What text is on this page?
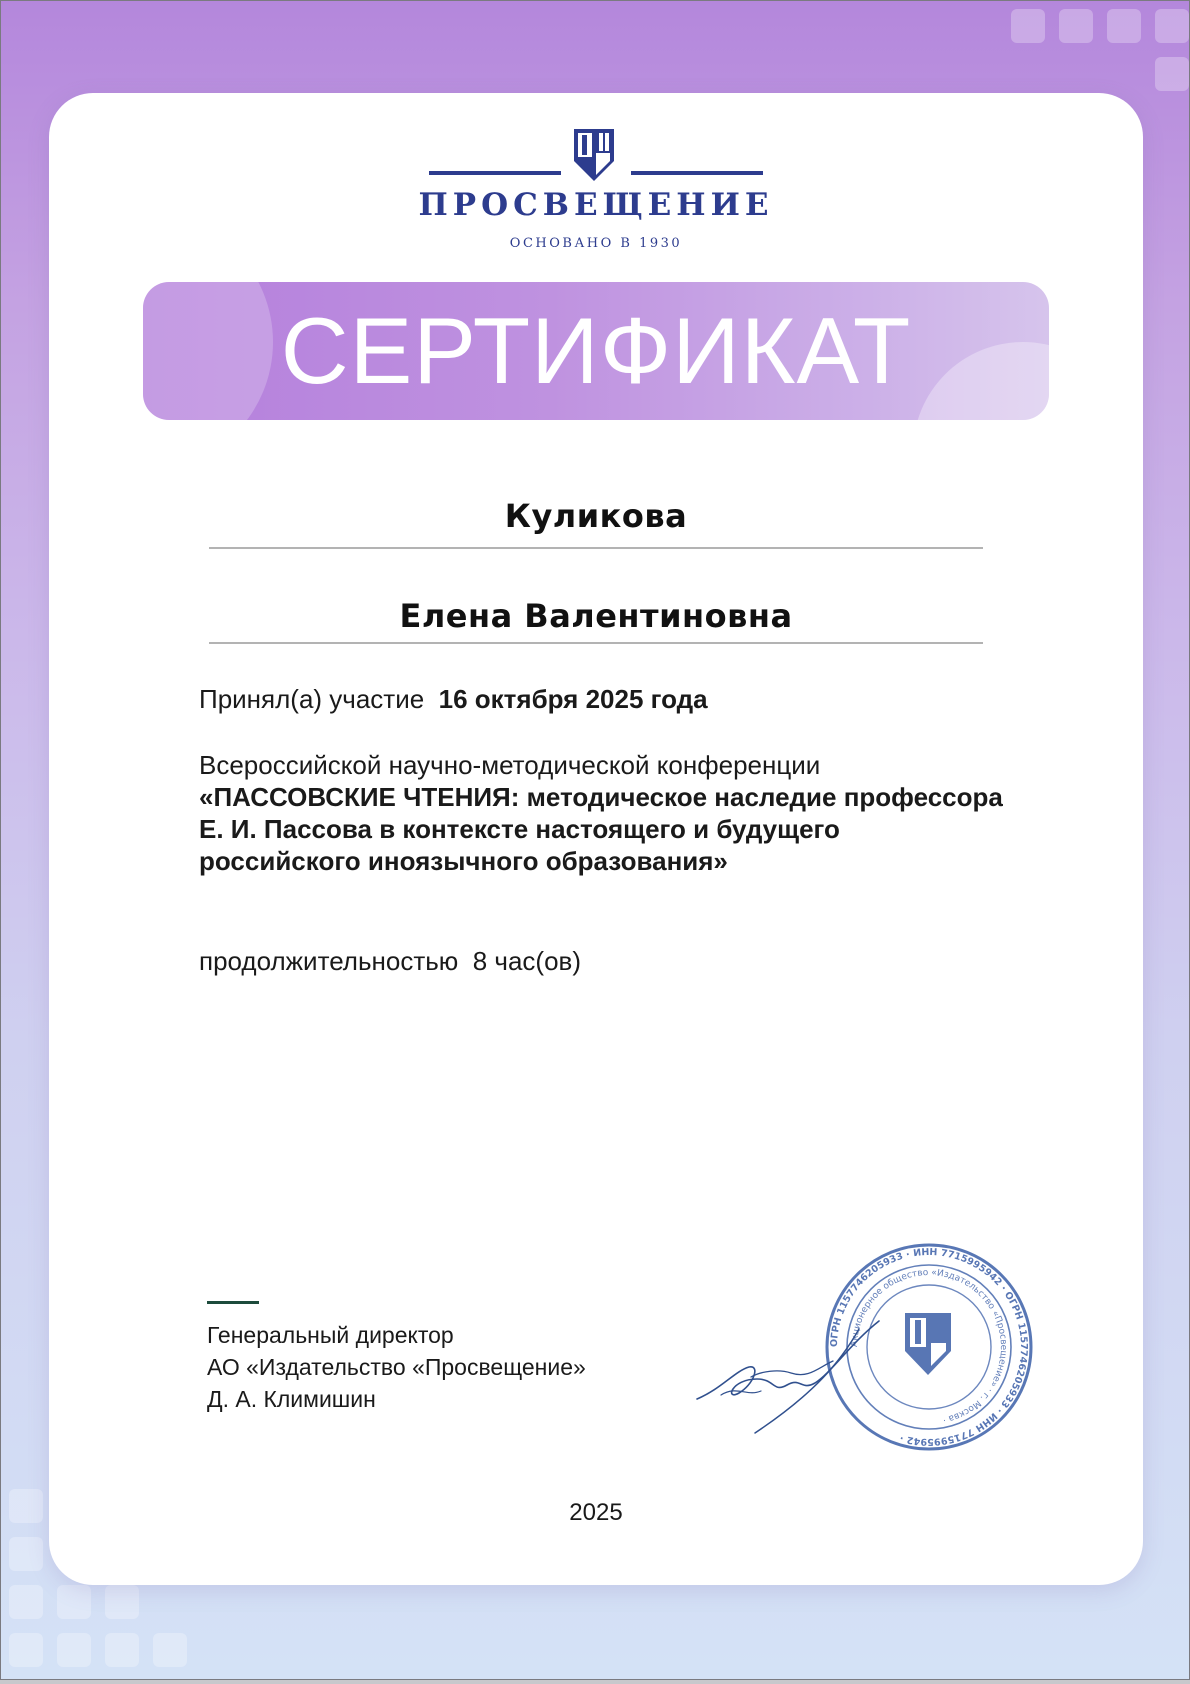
ПРОСВЕЩЕНИЕ
ОСНОВАНО В 1930
СЕРТИФИКАТ
Куликова
Елена Валентиновна
Принял(а) участие 16 октября 2025 года
Всероссийской научно-методической конференции
«ПАССОВСКИЕ ЧТЕНИЯ: методическое наследие профессора
Е. И. Пассова в контексте настоящего и будущего
российского иноязычного образования»
продолжительностью 8 час(ов)
Генеральный директор
АО «Издательство «Просвещение»
Д. А. Климишин
ОГРН 1157746205933 · ИНН 7715995942 · ОГРН 1157746205933 · ИНН 7715995942 ·
Акционерное общество «Издательство «Просвещение» · г. Москва ·
2025
